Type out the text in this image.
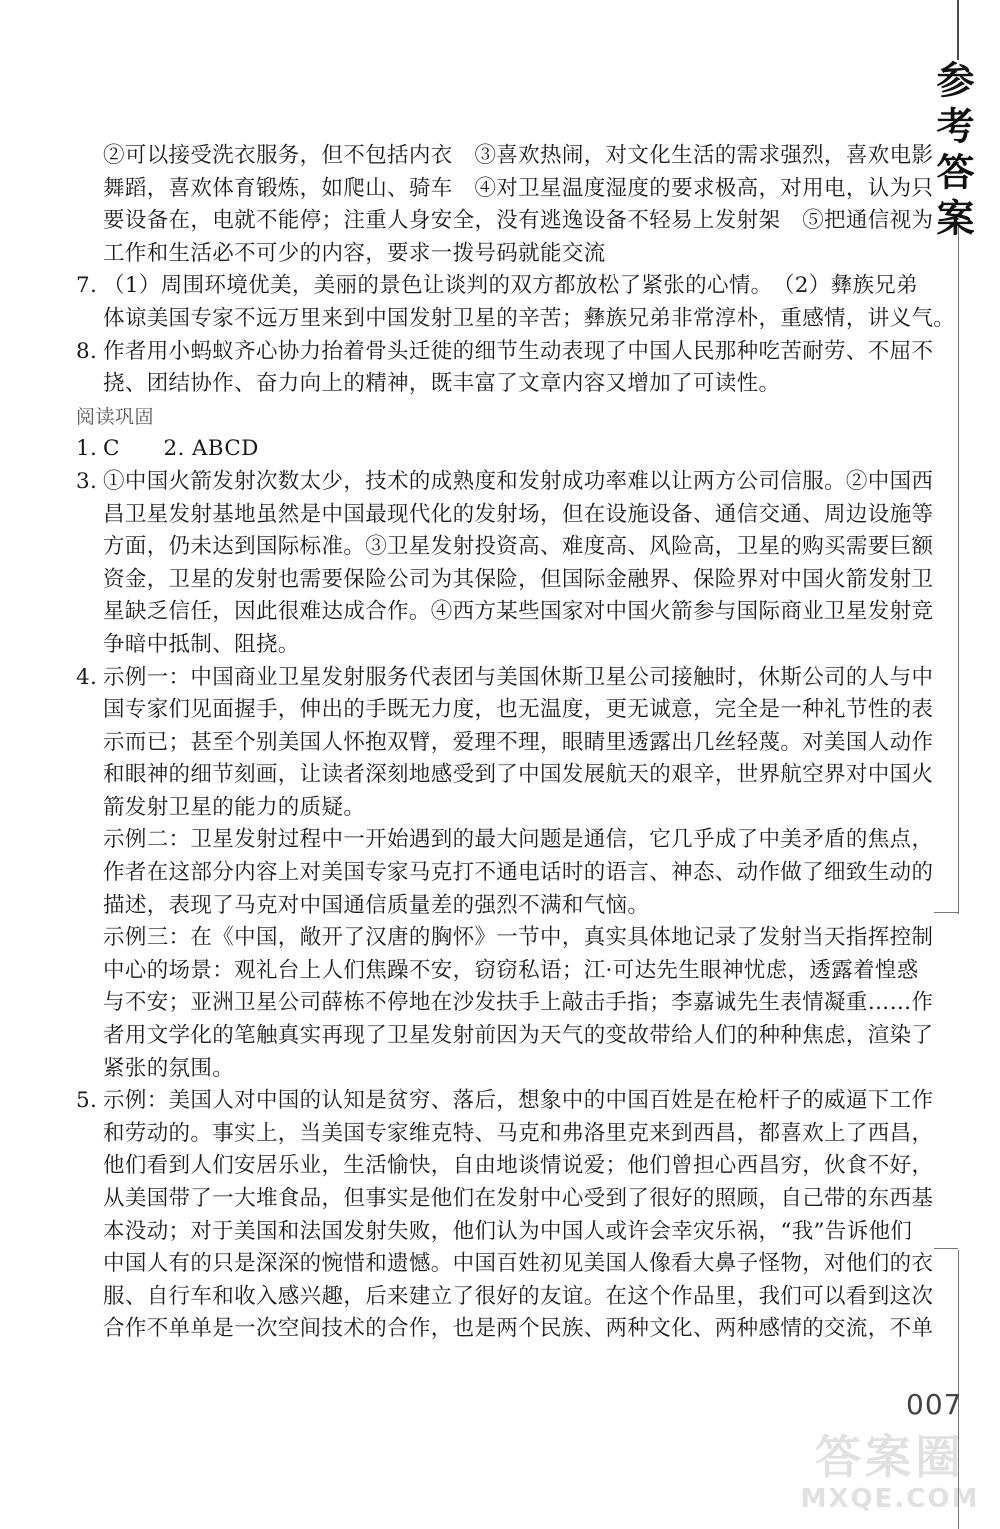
参考答案
②可以接受洗衣服务，但不包括内衣　③喜欢热闹，对文化生活的需求强烈，喜欢电影
舞蹈，喜欢体育锻炼，如爬山、骑车　④对卫星温度湿度的要求极高，对用电，认为只
要设备在，电就不能停；注重人身安全，没有逃逸设备不轻易上发射架　⑤把通信视为
工作和生活必不可少的内容，要求一拨号码就能交流
7. （1）周围环境优美，美丽的景色让谈判的双方都放松了紧张的心情。　（2）彝族兄弟
体谅美国专家不远万里来到中国发射卫星的辛苦；彝族兄弟非常淳朴，重感情，讲义气。
8. 作者用小蚂蚁齐心协力抬着骨头迁徙的细节生动表现了中国人民那种吃苦耐劳、不屈不
挠、团结协作、奋力向上的精神，既丰富了文章内容又增加了可读性。
阅读巩固
1. C　　2. ABCD
3. ①中国火箭发射次数太少，技术的成熟度和发射成功率难以让两方公司信服。②中国西
昌卫星发射基地虽然是中国最现代化的发射场，但在设施设备、通信交通、周边设施等
方面，仍未达到国际标准。③卫星发射投资高、难度高、风险高，卫星的购买需要巨额
资金，卫星的发射也需要保险公司为其保险，但国际金融界、保险界对中国火箭发射卫
星缺乏信任，因此很难达成合作。④西方某些国家对中国火箭参与国际商业卫星发射竞
争暗中抵制、阻挠。
4. 示例一：中国商业卫星发射服务代表团与美国休斯卫星公司接触时，休斯公司的人与中
国专家们见面握手，伸出的手既无力度，也无温度，更无诚意，完全是一种礼节性的表
示而已；甚至个别美国人怀抱双臂，爱理不理，眼睛里透露出几丝轻蔑。对美国人动作
和眼神的细节刻画，让读者深刻地感受到了中国发展航天的艰辛，世界航空界对中国火
箭发射卫星的能力的质疑。
示例二：卫星发射过程中一开始遇到的最大问题是通信，它几乎成了中美矛盾的焦点，
作者在这部分内容上对美国专家马克打不通电话时的语言、神态、动作做了细致生动的
描述，表现了马克对中国通信质量差的强烈不满和气恼。
示例三：在《中国，敞开了汉唐的胸怀》一节中，真实具体地记录了发射当天指挥控制
中心的场景：观礼台上人们焦躁不安，窃窃私语；江·可达先生眼神忧虑，透露着惶惑
与不安；亚洲卫星公司薛栋不停地在沙发扶手上敲击手指；李嘉诚先生表情凝重……作
者用文学化的笔触真实再现了卫星发射前因为天气的变故带给人们的种种焦虑，渲染了
紧张的氛围。
5. 示例：美国人对中国的认知是贫穷、落后，想象中的中国百姓是在枪杆子的威逼下工作
和劳动的。事实上，当美国专家维克特、马克和弗洛里克来到西昌，都喜欢上了西昌，
他们看到人们安居乐业，生活愉快，自由地谈情说爱；他们曾担心西昌穷，伙食不好，
从美国带了一大堆食品，但事实是他们在发射中心受到了很好的照顾，自己带的东西基
本没动；对于美国和法国发射失败，他们认为中国人或许会幸灾乐祸，“我”告诉他们
中国人有的只是深深的惋惜和遗憾。中国百姓初见美国人像看大鼻子怪物，对他们的衣
服、自行车和收入感兴趣，后来建立了很好的友谊。在这个作品里，我们可以看到这次
合作不单单是一次空间技术的合作，也是两个民族、两种文化、两种感情的交流，不单
007
答案圈
MXQE.COM
